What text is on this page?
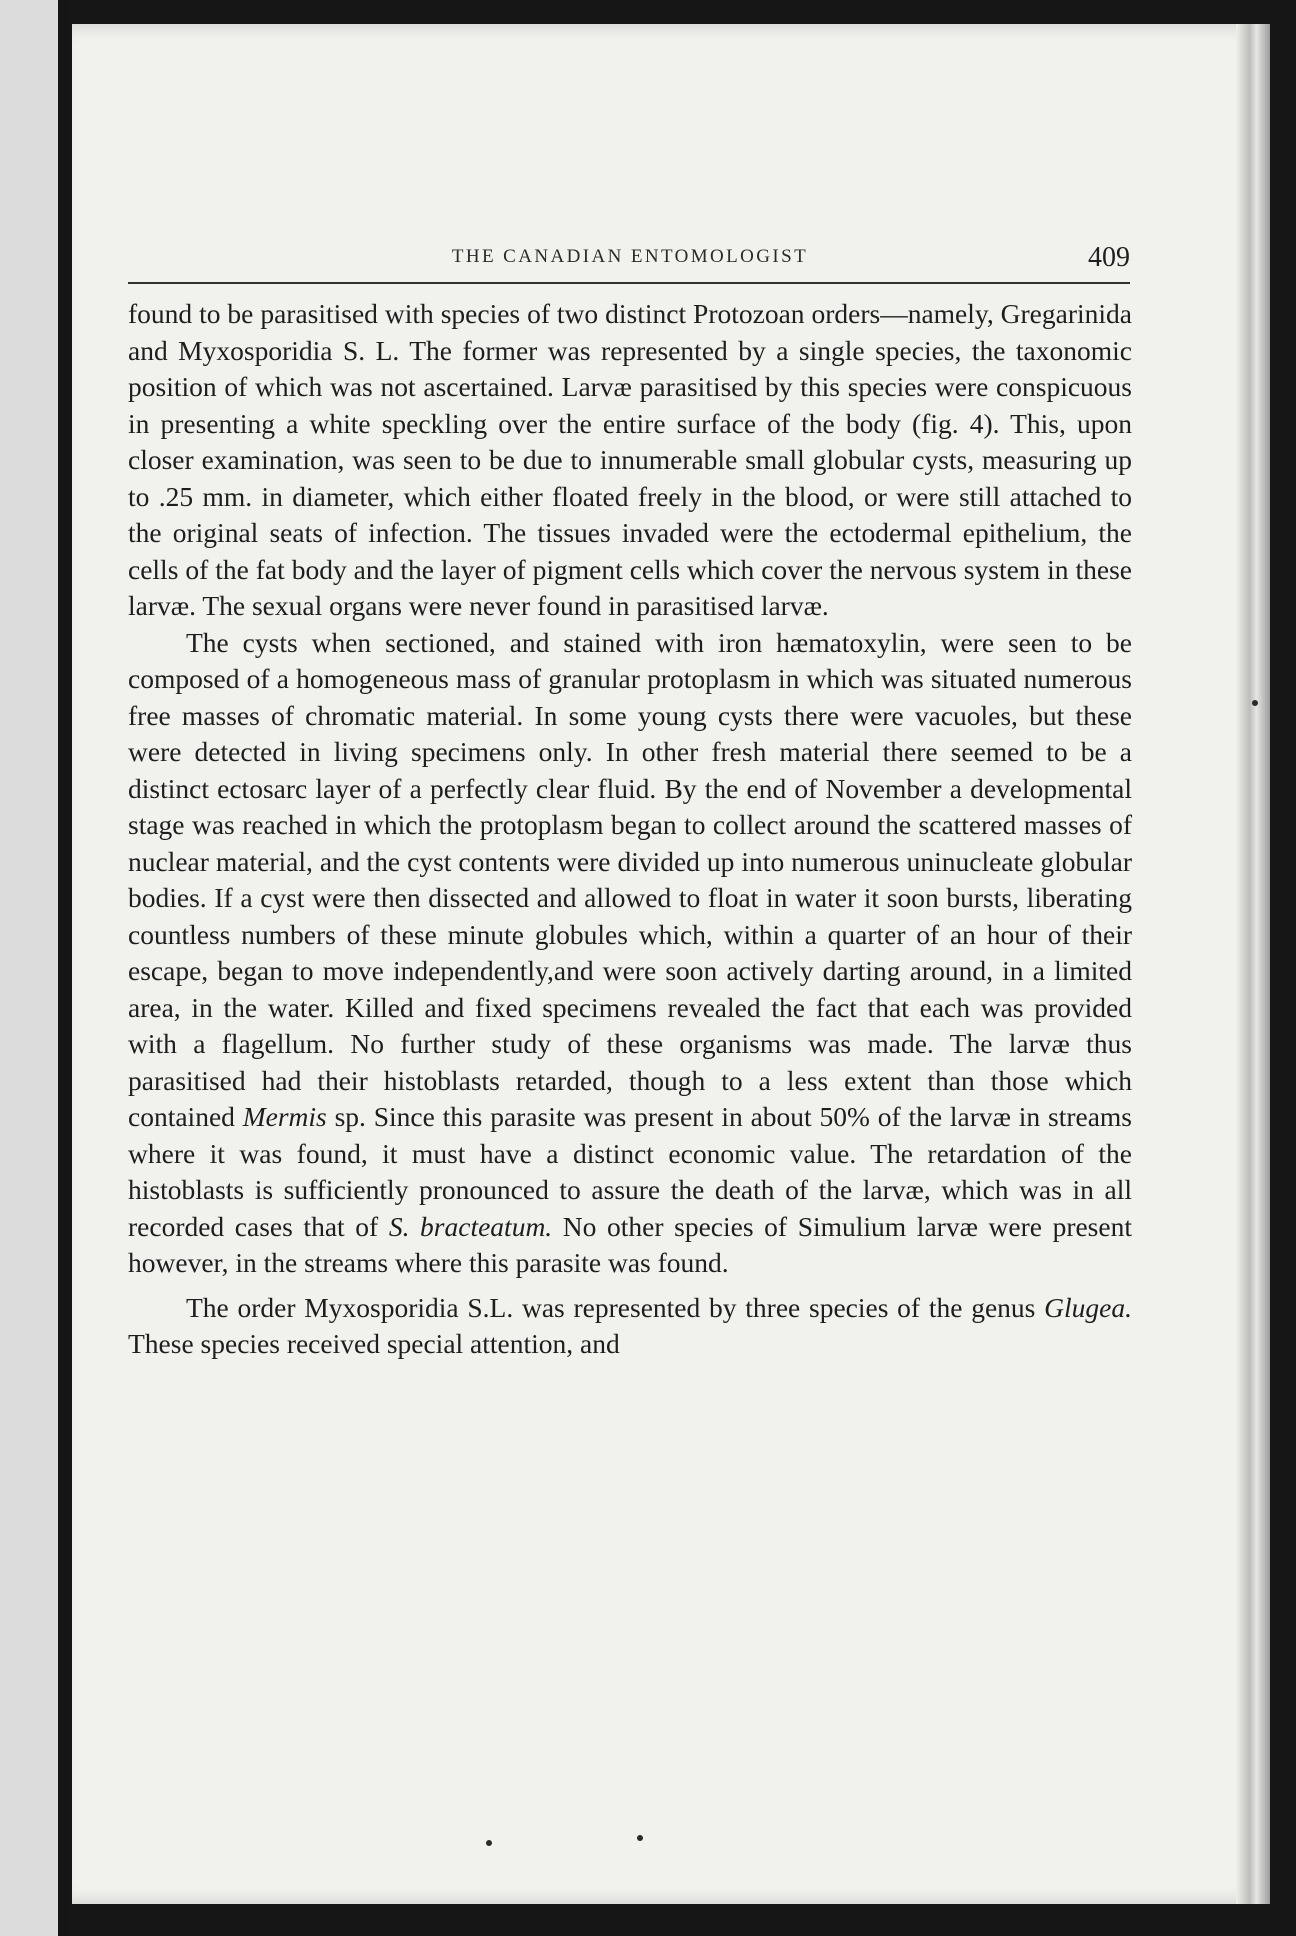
THE CANADIAN ENTOMOLOGIST	409

found to be parasitised with species of two distinct Protozoan orders—namely, Gregarinida and Myxosporidia S. L. The former was represented by a single species, the taxonomic position of which was not ascertained. Larvæ parasitised by this species were conspicuous in presenting a white speckling over the entire surface of the body (fig. 4). This, upon closer examination, was seen to be due to innumerable small globular cysts, measuring up to .25 mm. in diameter, which either floated freely in the blood, or were still attached to the original seats of infection. The tissues invaded were the ectodermal epithelium, the cells of the fat body and the layer of pigment cells which cover the nervous system in these larvæ. The sexual organs were never found in parasitised larvæ.

The cysts when sectioned, and stained with iron hæmatoxylin, were seen to be composed of a homogeneous mass of granular protoplasm in which was situated numerous free masses of chromatic material. In some young cysts there were vacuoles, but these were detected in living specimens only. In other fresh material there seemed to be a distinct ectosarc layer of a perfectly clear fluid. By the end of November a developmental stage was reached in which the protoplasm began to collect around the scattered masses of nuclear material, and the cyst contents were divided up into numerous uninucleate globular bodies. If a cyst were then dissected and allowed to float in water it soon bursts, liberating countless numbers of these minute globules which, within a quarter of an hour of their escape, began to move independently,and were soon actively darting around, in a limited area, in the water. Killed and fixed specimens revealed the fact that each was provided with a flagellum. No further study of these organisms was made. The larvæ thus parasitised had their histoblasts retarded, though to a less extent than those which contained Mermis sp. Since this parasite was present in about 50% of the larvæ in streams where it was found, it must have a distinct economic value. The retardation of the histoblasts is sufficiently pronounced to assure the death of the larvæ, which was in all recorded cases that of S. bracteatum. No other species of Simulium larvæ were present however, in the streams where this parasite was found.

The order Myxosporidia S.L. was represented by three species of the genus Glugea. These species received special attention, and
